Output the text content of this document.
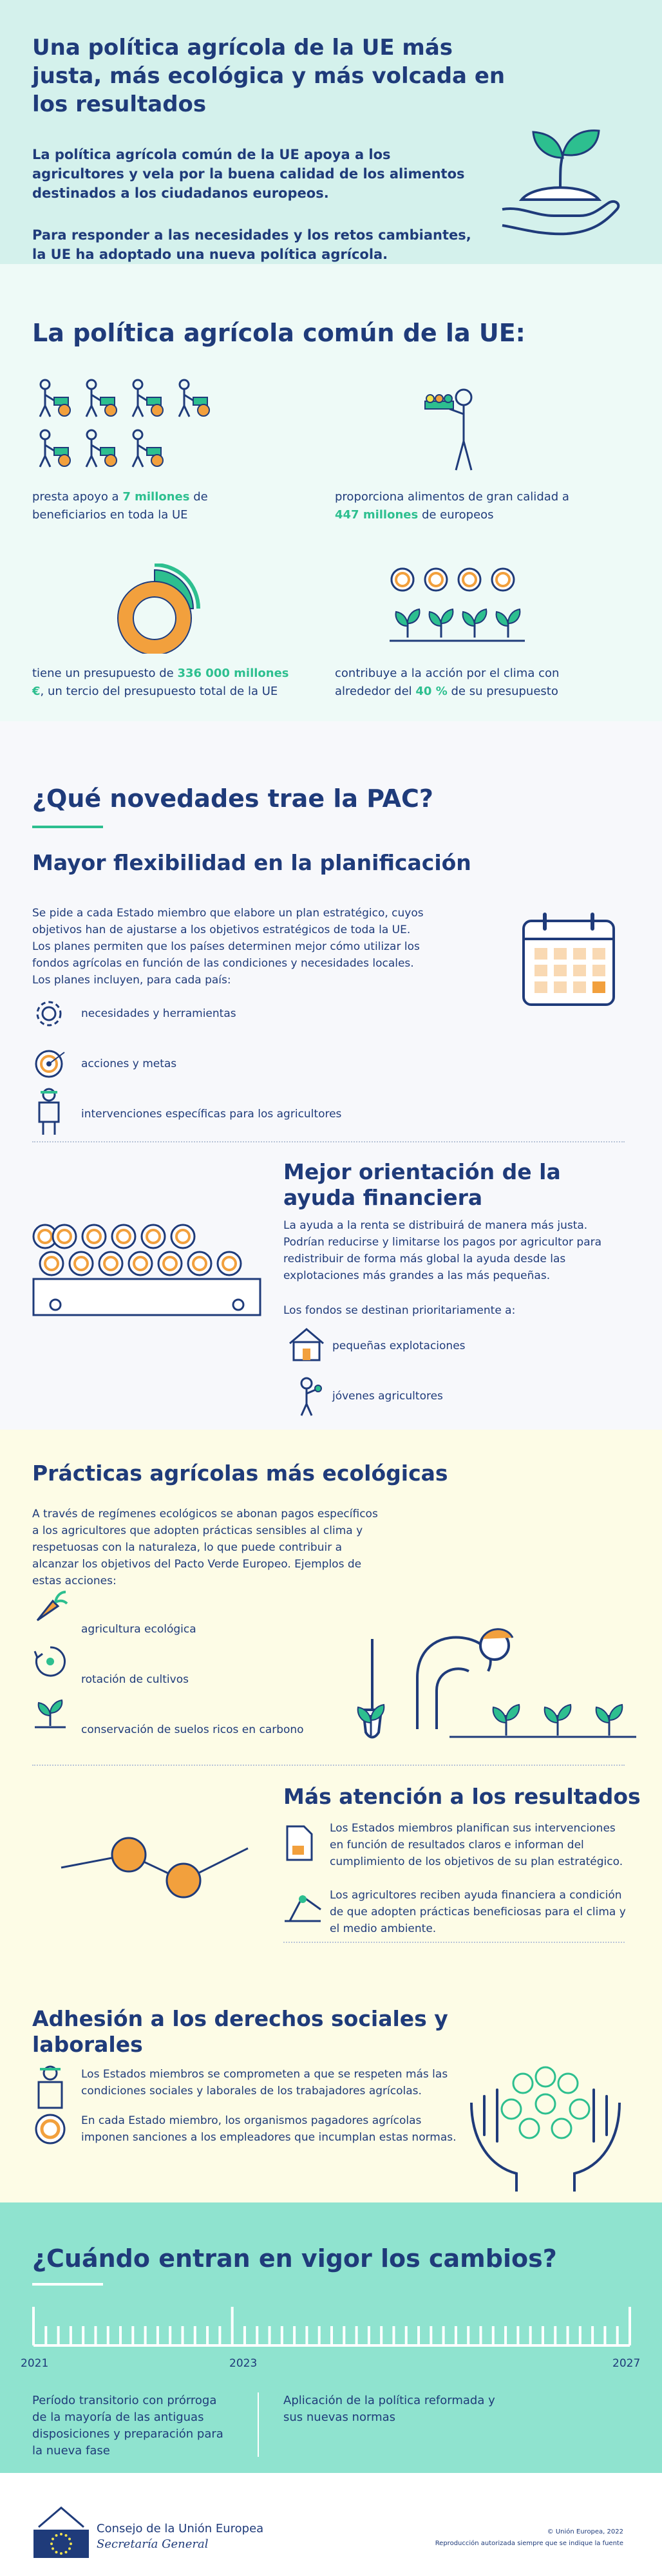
Una política agrícola de la UE más justa, más ecológica y más volcada en los resultados

La política agrícola común de la UE apoya a los agricultores y vela por la buena calidad de los alimentos destinados a los ciudadanos europeos.

Para responder a las necesidades y los retos cambiantes, la UE ha adoptado una nueva política agrícola.

La política agrícola común de la UE:

presta apoyo a 7 millones de beneficiarios en toda la UE

proporciona alimentos de gran calidad a 447 millones de europeos

tiene un presupuesto de 336 000 millones €, un tercio del presupuesto total de la UE

contribuye a la acción por el clima con alrededor del 40 % de su presupuesto

¿Qué novedades trae la PAC?
Mayor flexibilidad en la planificación

Se pide a cada Estado miembro que elabore un plan estratégico, cuyos objetivos han de ajustarse a los objetivos estratégicos de toda la UE. Los planes permiten que los países determinen mejor cómo utilizar los fondos agrícolas en función de las condiciones y necesidades locales. Los planes incluyen, para cada país:

necesidades y herramientas
acciones y metas
intervenciones específicas para los agricultores
Mejor orientación de la ayuda financiera

La ayuda a la renta se distribuirá de manera más justa. Podrían reducirse y limitarse los pagos por agricultor para redistribuir de forma más global la ayuda desde las explotaciones más grandes a las más pequeñas.

Los fondos se destinan prioritariamente a:

pequeñas explotaciones
jóvenes agricultores
Prácticas agrícolas más ecológicas

A través de regímenes ecológicos se abonan pagos específicos a los agricultores que adopten prácticas sensibles al clima y respetuosas con la naturaleza, lo que puede contribuir a alcanzar los objetivos del Pacto Verde Europeo. Ejemplos de estas acciones:

agricultura ecológica
rotación de cultivos
conservación de suelos ricos en carbono
Más atención a los resultados

Los Estados miembros planifican sus intervenciones en función de resultados claros e informan del cumplimiento de los objetivos de su plan estratégico.

Los agricultores reciben ayuda financiera a condición de que adopten prácticas beneficiosas para el clima y el medio ambiente.

Adhesión a los derechos sociales y laborales

Los Estados miembros se comprometen a que se respeten más las condiciones sociales y laborales de los trabajadores agrícolas.

En cada Estado miembro, los organismos pagadores agrícolas imponen sanciones a los empleadores que incumplan estas normas.

¿Cuándo entran en vigor los cambios?
2021	2023	2027

Período transitorio con prórroga de la mayoría de las antiguas disposiciones y preparación para la nueva fase

Aplicación de la política reformada y sus nuevas normas

Consejo de la Unión Europea
Secretaría General
© Unión Europea, 2022
Reproducción autorizada siempre que se indique la fuente
